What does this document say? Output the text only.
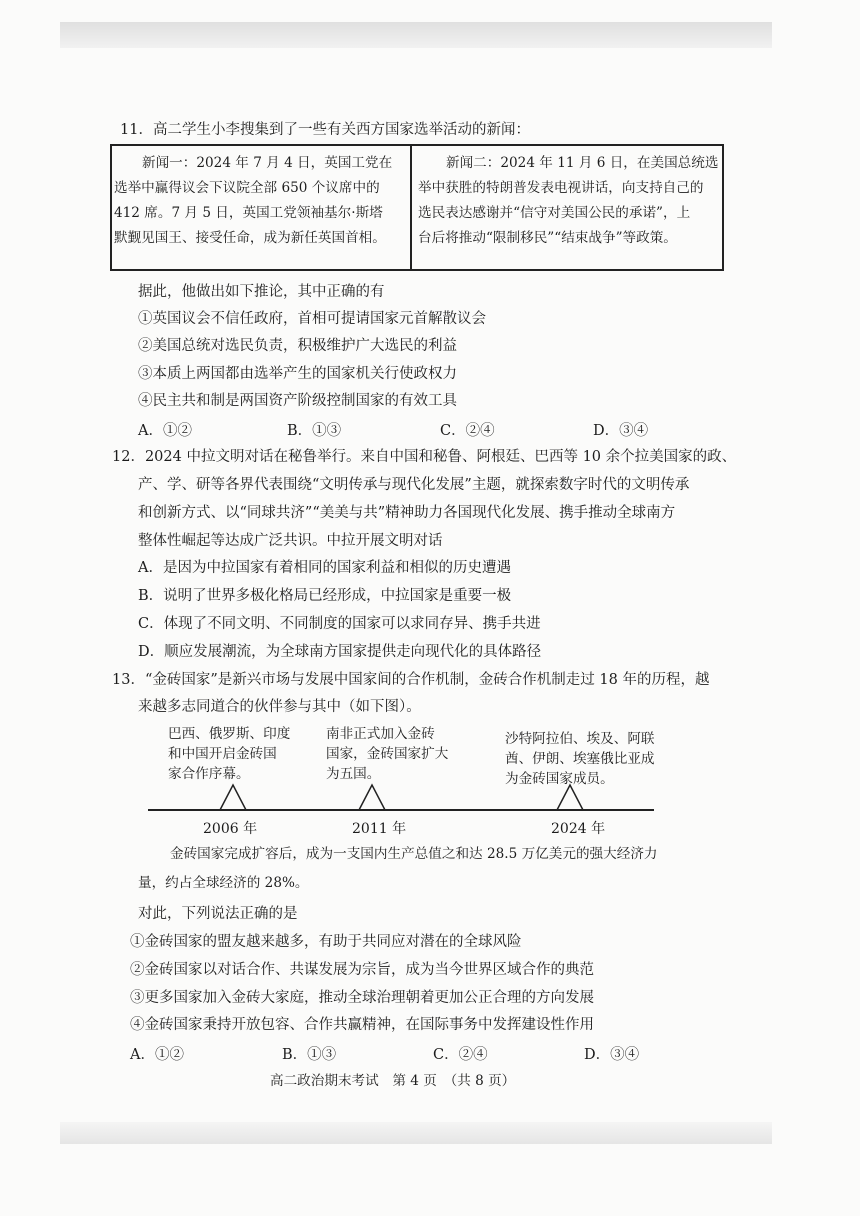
11．高二学生小李搜集到了一些有关西方国家选举活动的新闻：
新闻一：2024 年 7 月 4 日，英国工党在
选举中赢得议会下议院全部 650 个议席中的
412 席。7 月 5 日，英国工党领袖基尔·斯塔
默觐见国王、接受任命，成为新任英国首相。
新闻二：2024 年 11 月 6 日，在美国总统选
举中获胜的特朗普发表电视讲话，向支持自己的
选民表达感谢并“信守对美国公民的承诺”，上
台后将推动“限制移民”“结束战争”等政策。
据此，他做出如下推论，其中正确的有
①英国议会不信任政府，首相可提请国家元首解散议会
②美国总统对选民负责，积极维护广大选民的利益
③本质上两国都由选举产生的国家机关行使政权力
④民主共和制是两国资产阶级控制国家的有效工具
A．①②	B．①③	C．②④	D．③④
12．2024 中拉文明对话在秘鲁举行。来自中国和秘鲁、阿根廷、巴西等 10 余个拉美国家的政、
产、学、研等各界代表围绕“文明传承与现代化发展”主题，就探索数字时代的文明传承
和创新方式、以“同球共济”“美美与共”精神助力各国现代化发展、携手推动全球南方
整体性崛起等达成广泛共识。中拉开展文明对话
A．是因为中拉国家有着相同的国家利益和相似的历史遭遇
B．说明了世界多极化格局已经形成，中拉国家是重要一极
C．体现了不同文明、不同制度的国家可以求同存异、携手共进
D．顺应发展潮流，为全球南方国家提供走向现代化的具体路径
13．“金砖国家”是新兴市场与发展中国家间的合作机制，金砖合作机制走过 18 年的历程，越
来越多志同道合的伙伴参与其中（如下图）。
巴西、俄罗斯、印度
和中国开启金砖国
家合作序幕。
南非正式加入金砖
国家，金砖国家扩大
为五国。
沙特阿拉伯、埃及、阿联
酋、伊朗、埃塞俄比亚成
为金砖国家成员。
2006 年	2011 年	2024 年
金砖国家完成扩容后，成为一支国内生产总值之和达 28.5 万亿美元的强大经济力
量，约占全球经济的 28%。
对此，下列说法正确的是
①金砖国家的盟友越来越多，有助于共同应对潜在的全球风险
②金砖国家以对话合作、共谋发展为宗旨，成为当今世界区域合作的典范
③更多国家加入金砖大家庭，推动全球治理朝着更加公正合理的方向发展
④金砖国家秉持开放包容、合作共赢精神，在国际事务中发挥建设性作用
A．①②	B．①③	C．②④	D．③④
高二政治期末考试　第 4 页　（共 8 页）
